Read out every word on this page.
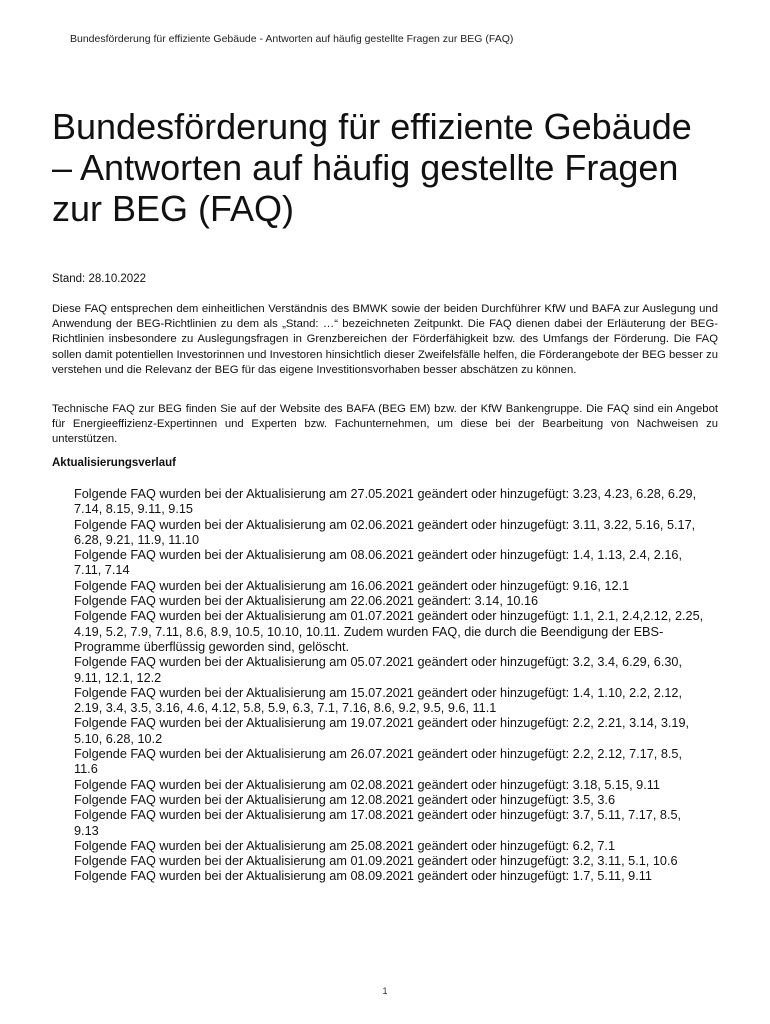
Bundesförderung für effiziente Gebäude - Antworten auf häufig gestellte Fragen zur BEG (FAQ)
Bundesförderung für effiziente Gebäude – Antworten auf häufig gestellte Fragen zur BEG (FAQ)
Stand: 28.10.2022

Diese FAQ entsprechen dem einheitlichen Verständnis des BMWK sowie der beiden Durchführer KfW und BAFA zur Auslegung und Anwendung der BEG-Richtlinien zu dem als „Stand: …“ bezeichneten Zeitpunkt. Die FAQ dienen dabei der Erläuterung der BEG-Richtlinien insbesondere zu Auslegungsfragen in Grenzbereichen der Förderfähigkeit bzw. des Umfangs der Förderung. Die FAQ sollen damit potentiellen Investorinnen und Investoren hinsichtlich dieser Zweifelsfälle helfen, die Förderangebote der BEG besser zu verstehen und die Relevanz der BEG für das eigene Investitionsvorhaben besser abschätzen zu können.

Technische FAQ zur BEG finden Sie auf der Website des BAFA (BEG EM) bzw. der KfW Bankengruppe. Die FAQ sind ein Angebot für Energieeffizienz-Expertinnen und Experten bzw. Fachunternehmen, um diese bei der Bearbeitung von Nachweisen zu unterstützen.

Aktualisierungsverlauf
Folgende FAQ wurden bei der Aktualisierung am 27.05.2021 geändert oder hinzugefügt: 3.23, 4.23, 6.28, 6.29, 7.14, 8.15, 9.11, 9.15
Folgende FAQ wurden bei der Aktualisierung am 02.06.2021 geändert oder hinzugefügt: 3.11, 3.22, 5.16, 5.17, 6.28, 9.21, 11.9, 11.10
Folgende FAQ wurden bei der Aktualisierung am 08.06.2021 geändert oder hinzugefügt: 1.4, 1.13, 2.4, 2.16, 7.11, 7.14
Folgende FAQ wurden bei der Aktualisierung am 16.06.2021 geändert oder hinzugefügt: 9.16, 12.1
Folgende FAQ wurden bei der Aktualisierung am 22.06.2021 geändert: 3.14, 10.16
Folgende FAQ wurden bei der Aktualisierung am 01.07.2021 geändert oder hinzugefügt: 1.1, 2.1, 2.4,2.12, 2.25, 4.19, 5.2, 7.9, 7.11, 8.6, 8.9, 10.5, 10.10, 10.11. Zudem wurden FAQ, die durch die Beendigung der EBS-Programme überflüssig geworden sind, gelöscht.
Folgende FAQ wurden bei der Aktualisierung am 05.07.2021 geändert oder hinzugefügt: 3.2, 3.4, 6.29, 6.30, 9.11, 12.1, 12.2
Folgende FAQ wurden bei der Aktualisierung am 15.07.2021 geändert oder hinzugefügt: 1.4, 1.10, 2.2, 2.12, 2.19, 3.4, 3.5, 3.16, 4.6, 4.12, 5.8, 5.9, 6.3, 7.1, 7.16, 8.6, 9.2, 9.5, 9.6, 11.1
Folgende FAQ wurden bei der Aktualisierung am 19.07.2021 geändert oder hinzugefügt: 2.2, 2.21, 3.14, 3.19, 5.10, 6.28, 10.2
Folgende FAQ wurden bei der Aktualisierung am 26.07.2021 geändert oder hinzugefügt: 2.2, 2.12, 7.17, 8.5, 11.6
Folgende FAQ wurden bei der Aktualisierung am 02.08.2021 geändert oder hinzugefügt: 3.18, 5.15, 9.11
Folgende FAQ wurden bei der Aktualisierung am 12.08.2021 geändert oder hinzugefügt: 3.5, 3.6
Folgende FAQ wurden bei der Aktualisierung am 17.08.2021 geändert oder hinzugefügt: 3.7, 5.11, 7.17, 8.5, 9.13
Folgende FAQ wurden bei der Aktualisierung am 25.08.2021 geändert oder hinzugefügt: 6.2, 7.1
Folgende FAQ wurden bei der Aktualisierung am 01.09.2021 geändert oder hinzugefügt: 3.2, 3.11, 5.1, 10.6
Folgende FAQ wurden bei der Aktualisierung am 08.09.2021 geändert oder hinzugefügt: 1.7, 5.11, 9.11
1
